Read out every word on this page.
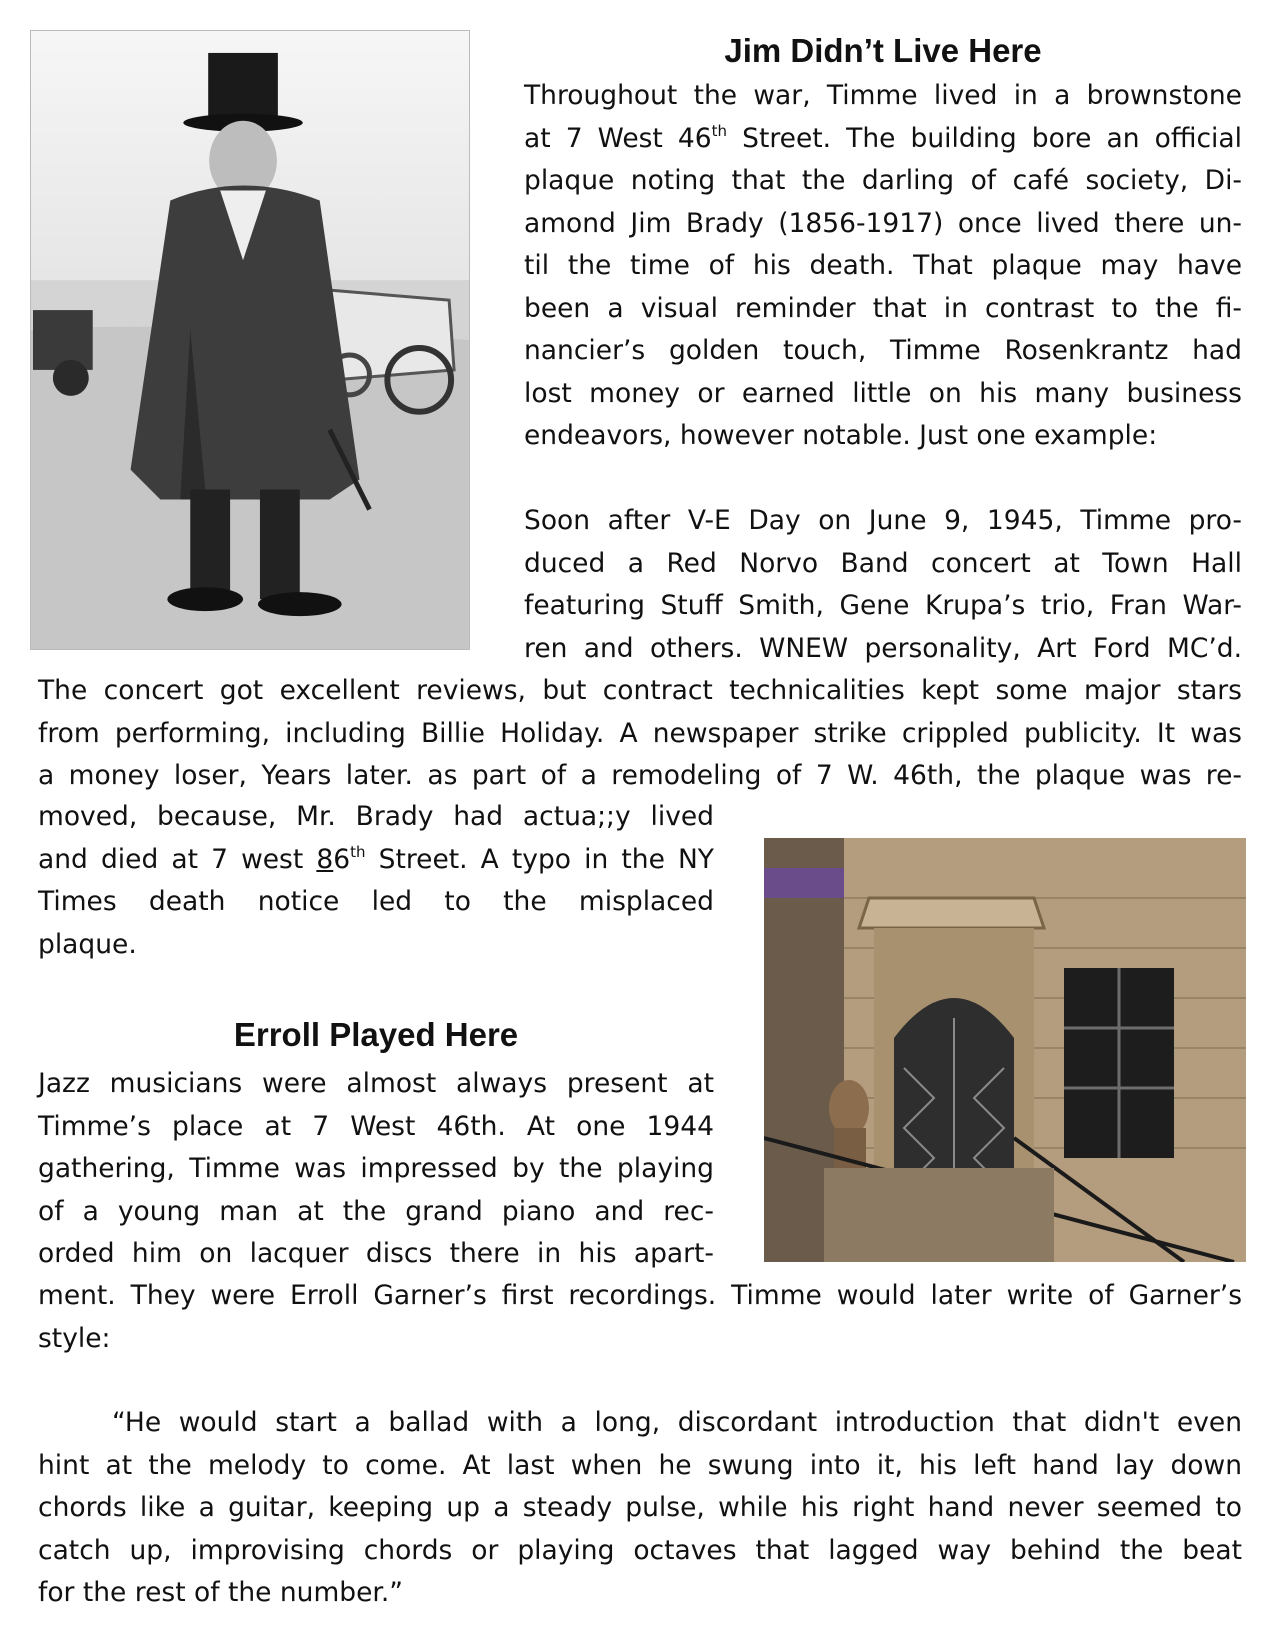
Jim Didn’t Live Here
Throughout the war, Timme lived in a brownstone
at 7 West 46th Street. The building bore an official
plaque noting that the darling of café society, Di-
amond Jim Brady (1856-1917) once lived there un-
til the time of his death. That plaque may have
been a visual reminder that in contrast to the fi-
nancier’s golden touch, Timme Rosenkrantz had
lost money or earned little on his many business
endeavors, however notable. Just one example:
Soon after V-E Day on June 9, 1945, Timme pro-
duced a Red Norvo Band concert at Town Hall
featuring Stuff Smith, Gene Krupa’s trio, Fran War-
ren and others. WNEW personality, Art Ford MC’d.
The concert got excellent reviews, but contract technicalities kept some major stars
from performing, including Billie Holiday. A newspaper strike crippled publicity. It was
a money loser, Years later. as part of a remodeling of 7 W. 46th, the plaque was re-
moved, because, Mr. Brady had actua;;y lived
and died at 7 west 86th Street. A typo in the NY
Times death notice led to the misplaced
plaque.
Erroll Played Here
Jazz musicians were almost always present at
Timme’s place at 7 West 46th. At one 1944
gathering, Timme was impressed by the playing
of a young man at the grand piano and rec-
orded him on lacquer discs there in his apart-
ment. They were Erroll Garner’s first recordings. Timme would later write of Garner’s
style:
“He would start a ballad with a long, discordant introduction that didn't even
hint at the melody to come. At last when he swung into it, his left hand lay down
chords like a guitar, keeping up a steady pulse, while his right hand never seemed to
catch up, improvising chords or playing octaves that lagged way behind the beat
for the rest of the number.”
